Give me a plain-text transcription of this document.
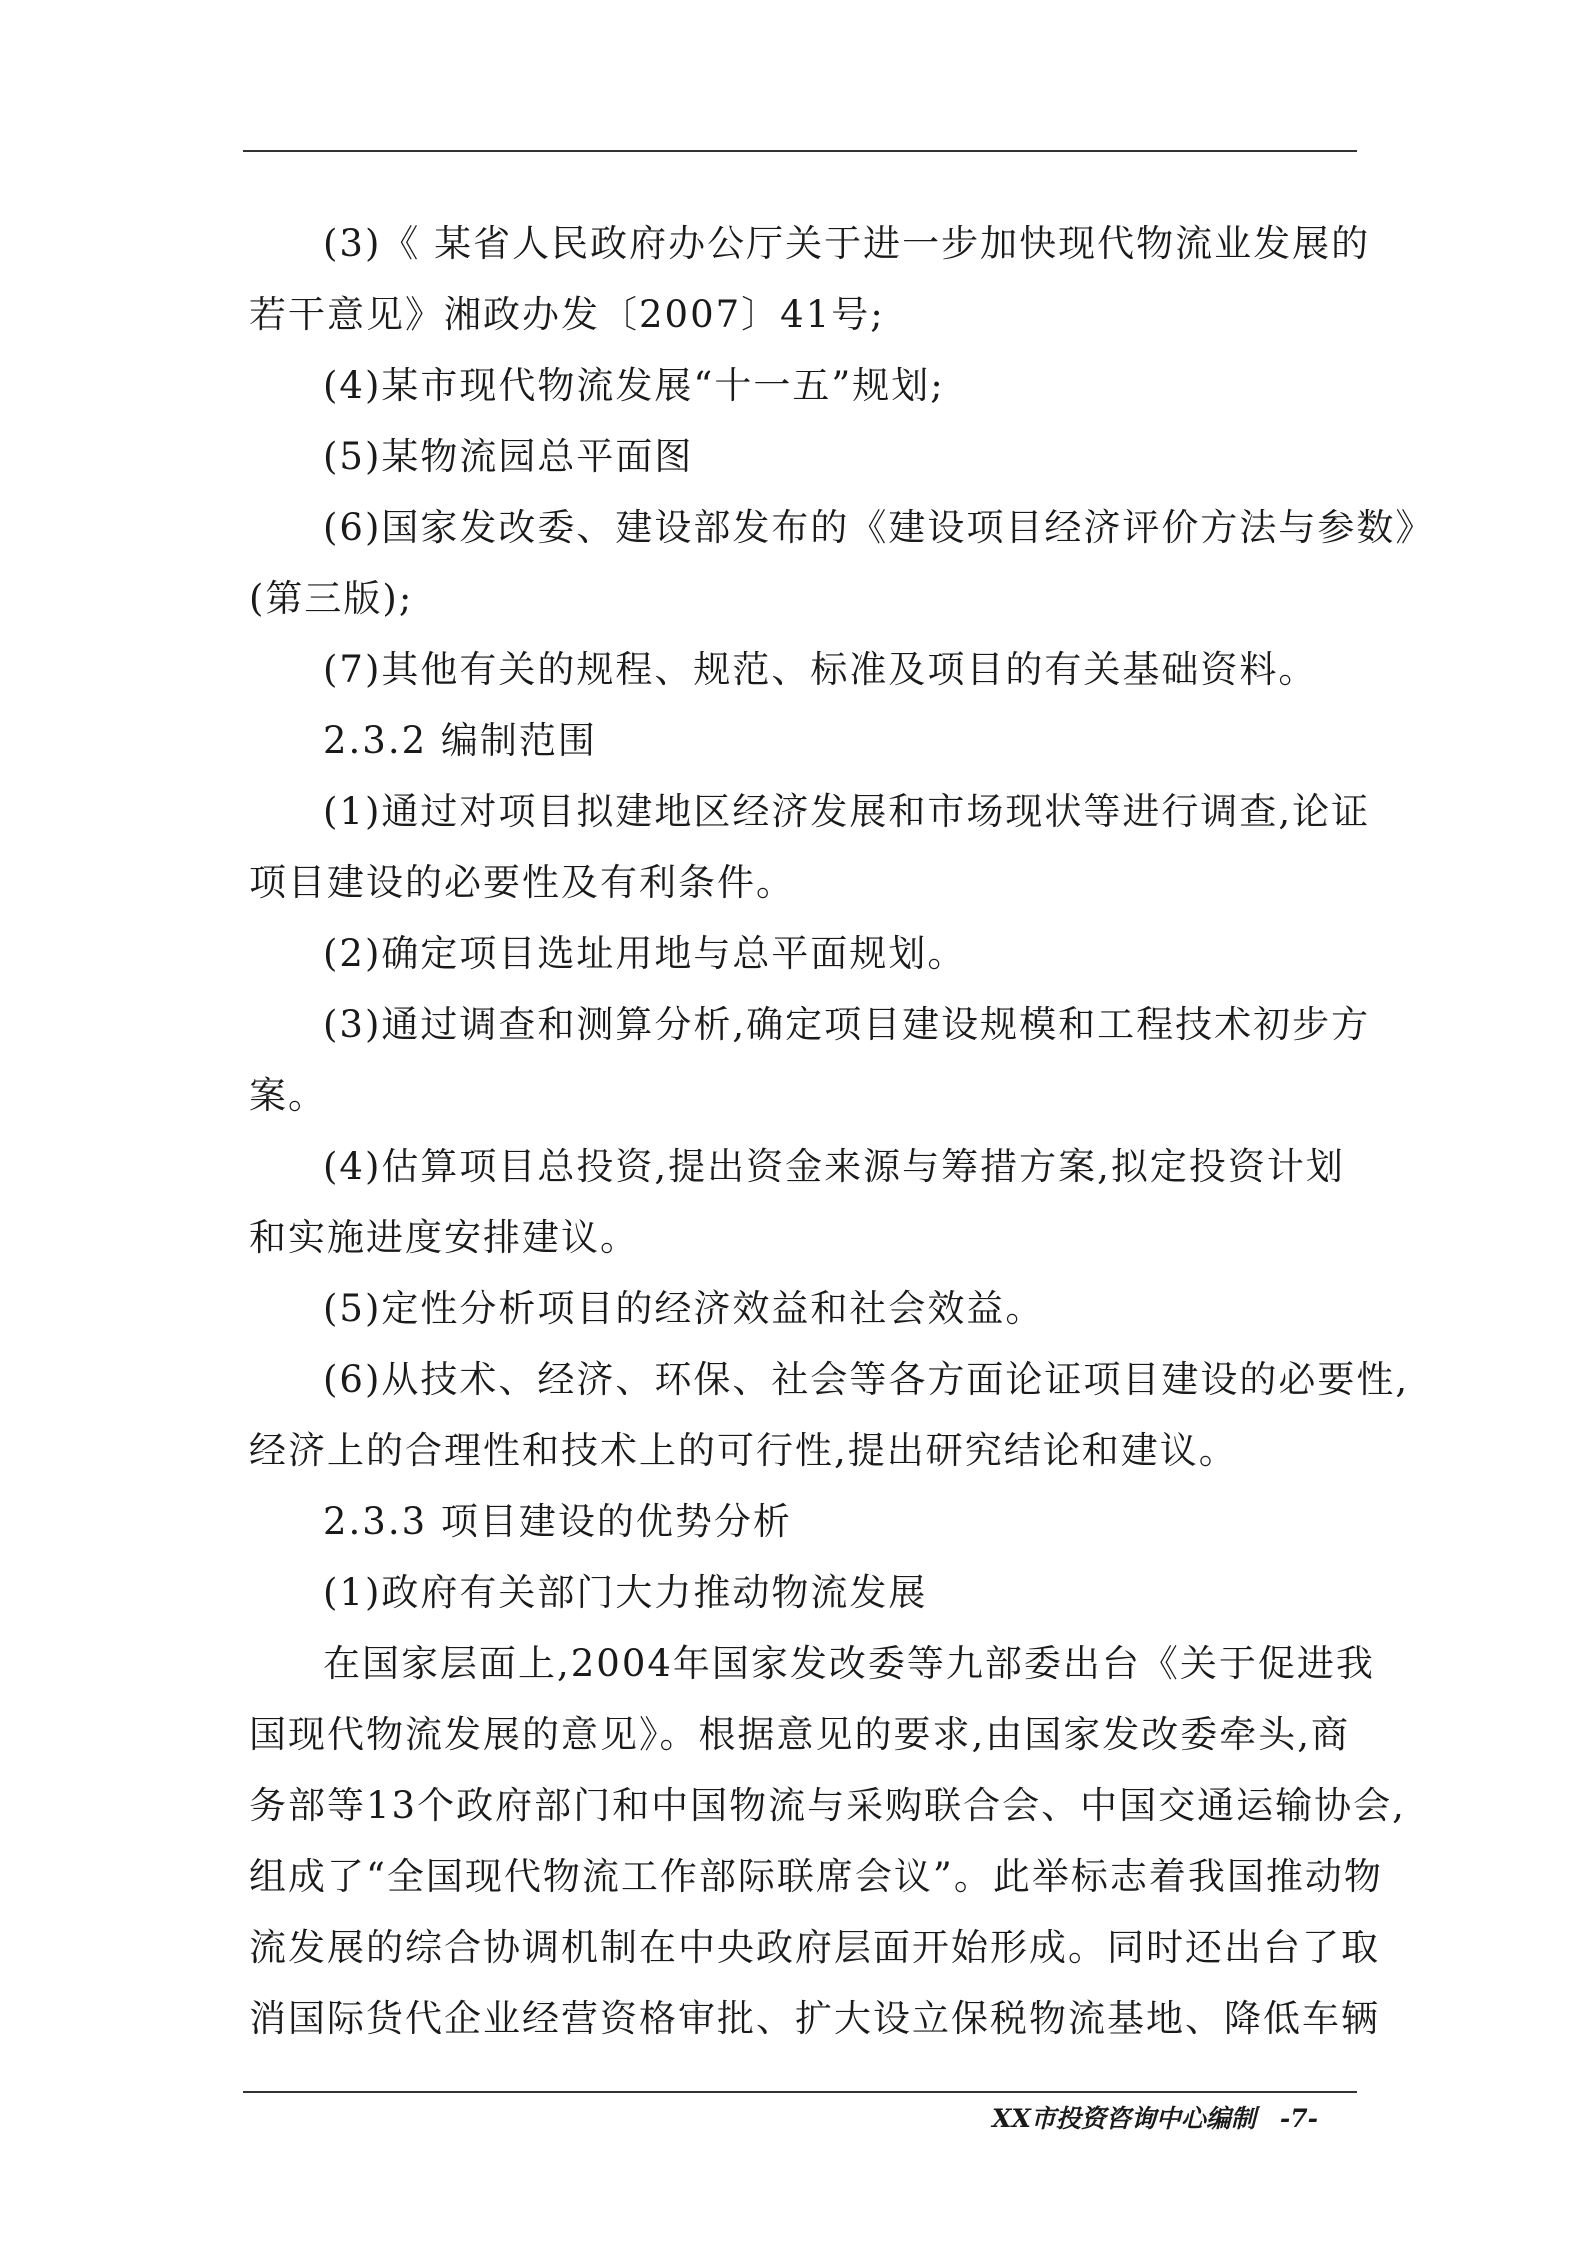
(3)《 某省人民政府办公厅关于进一步加快现代物流业发展的
若干意见》湘政办发〔2007〕41号;
(4)某市现代物流发展“十一五”规划;
(5)某物流园总平面图
(6)国家发改委、建设部发布的《建设项目经济评价方法与参数》
(第三版);
(7)其他有关的规程、规范、标准及项目的有关基础资料。
2.3.2 编制范围
(1)通过对项目拟建地区经济发展和市场现状等进行调查,论证
项目建设的必要性及有利条件。
(2)确定项目选址用地与总平面规划。
(3)通过调查和测算分析,确定项目建设规模和工程技术初步方
案。
(4)估算项目总投资,提出资金来源与筹措方案,拟定投资计划
和实施进度安排建议。
(5)定性分析项目的经济效益和社会效益。
(6)从技术、经济、环保、社会等各方面论证项目建设的必要性,
经济上的合理性和技术上的可行性,提出研究结论和建议。
2.3.3 项目建设的优势分析
(1)政府有关部门大力推动物流发展
在国家层面上,2004年国家发改委等九部委出台《关于促进我
国现代物流发展的意见》。根据意见的要求,由国家发改委牵头,商
务部等13个政府部门和中国物流与采购联合会、中国交通运输协会,
组成了“全国现代物流工作部际联席会议”。此举标志着我国推动物
流发展的综合协调机制在中央政府层面开始形成。同时还出台了取
消国际货代企业经营资格审批、扩大设立保税物流基地、降低车辆
XX市投资咨询中心编制 -7-
